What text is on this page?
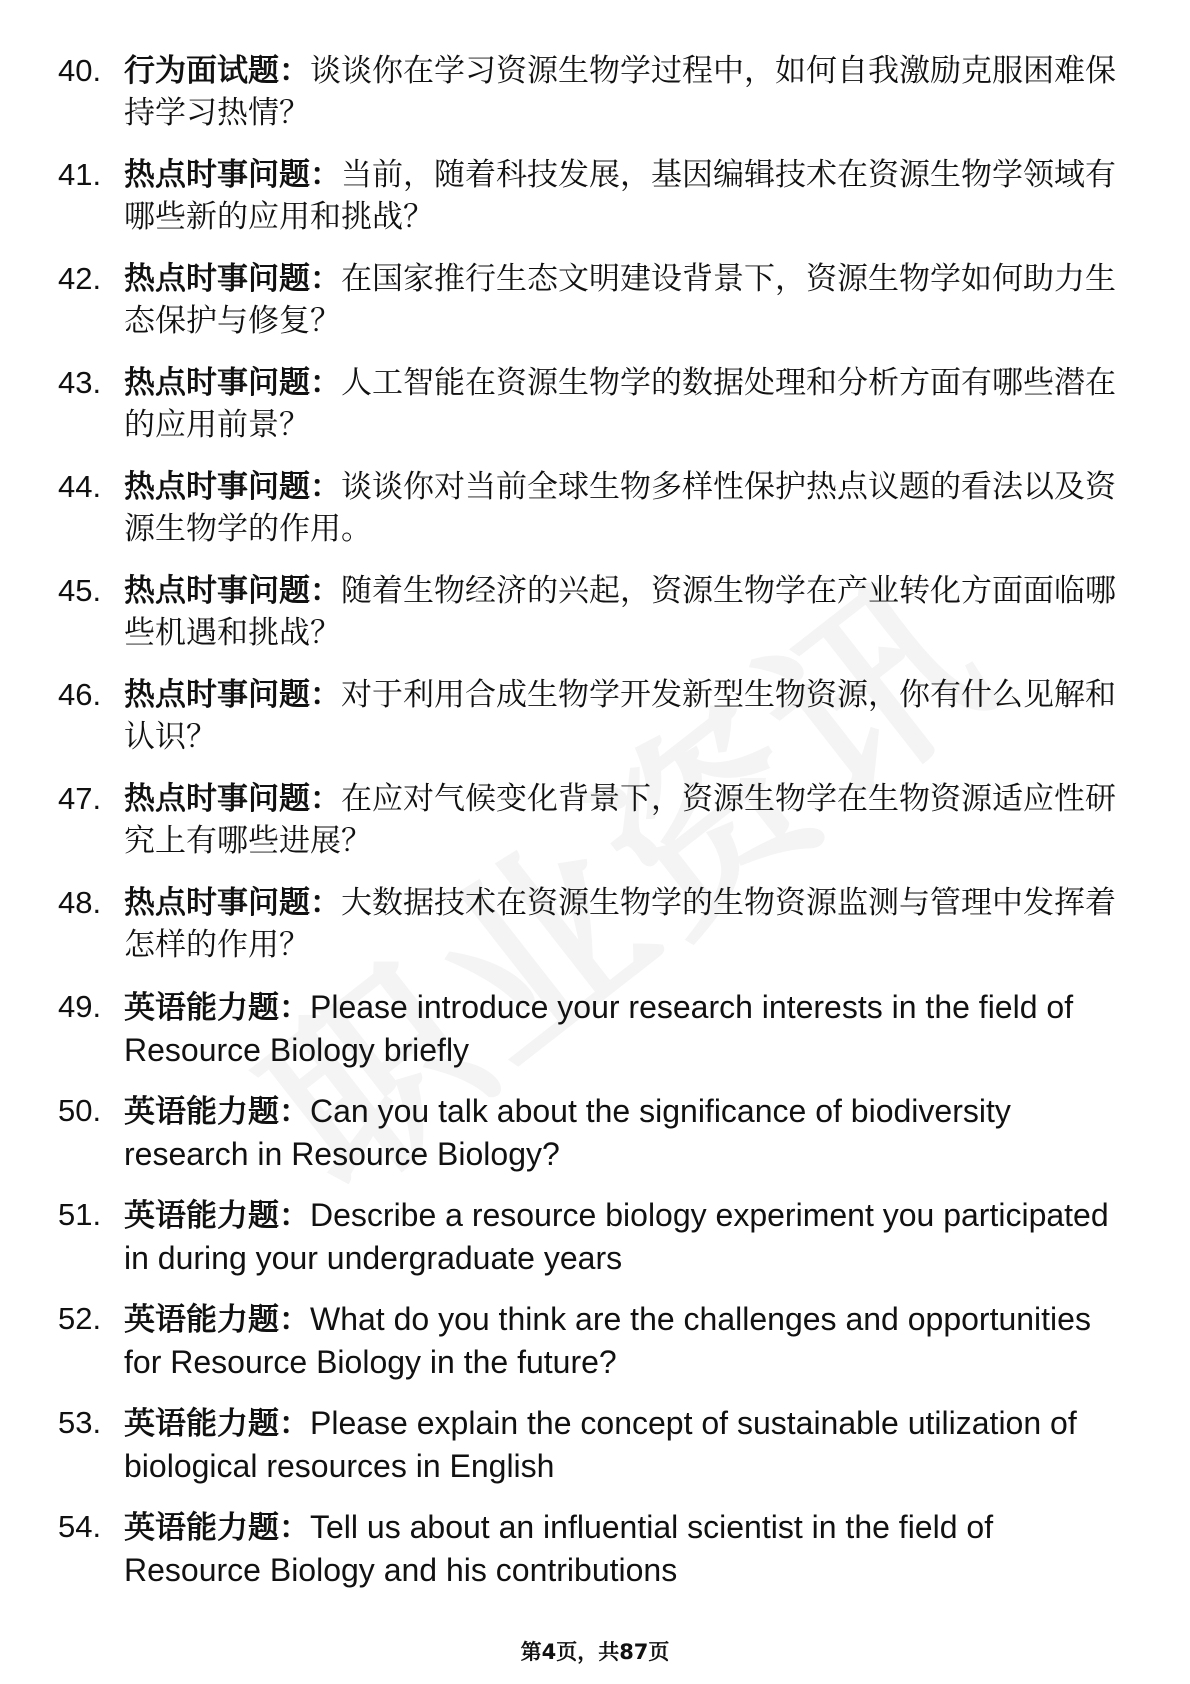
40. 行为面试题：谈谈你在学习资源生物学过程中，如何自我激励克服困难保持学习热情？
41. 热点时事问题：当前，随着科技发展，基因编辑技术在资源生物学领域有哪些新的应用和挑战？
42. 热点时事问题：在国家推行生态文明建设背景下，资源生物学如何助力生态保护与修复？
43. 热点时事问题：人工智能在资源生物学的数据处理和分析方面有哪些潜在的应用前景？
44. 热点时事问题：谈谈你对当前全球生物多样性保护热点议题的看法以及资源生物学的作用。
45. 热点时事问题：随着生物经济的兴起，资源生物学在产业转化方面面临哪些机遇和挑战？
46. 热点时事问题：对于利用合成生物学开发新型生物资源，你有什么见解和认识？
47. 热点时事问题：在应对气候变化背景下，资源生物学在生物资源适应性研究上有哪些进展？
48. 热点时事问题：大数据技术在资源生物学的生物资源监测与管理中发挥着怎样的作用？
49. 英语能力题：Please introduce your research interests in the field of Resource Biology briefly
50. 英语能力题：Can you talk about the significance of biodiversity research in Resource Biology?
51. 英语能力题：Describe a resource biology experiment you participated in during your undergraduate years
52. 英语能力题：What do you think are the challenges and opportunities for Resource Biology in the future?
53. 英语能力题：Please explain the concept of sustainable utilization of biological resources in English
54. 英语能力题：Tell us about an influential scientist in the field of Resource Biology and his contributions
第4页，共87页
